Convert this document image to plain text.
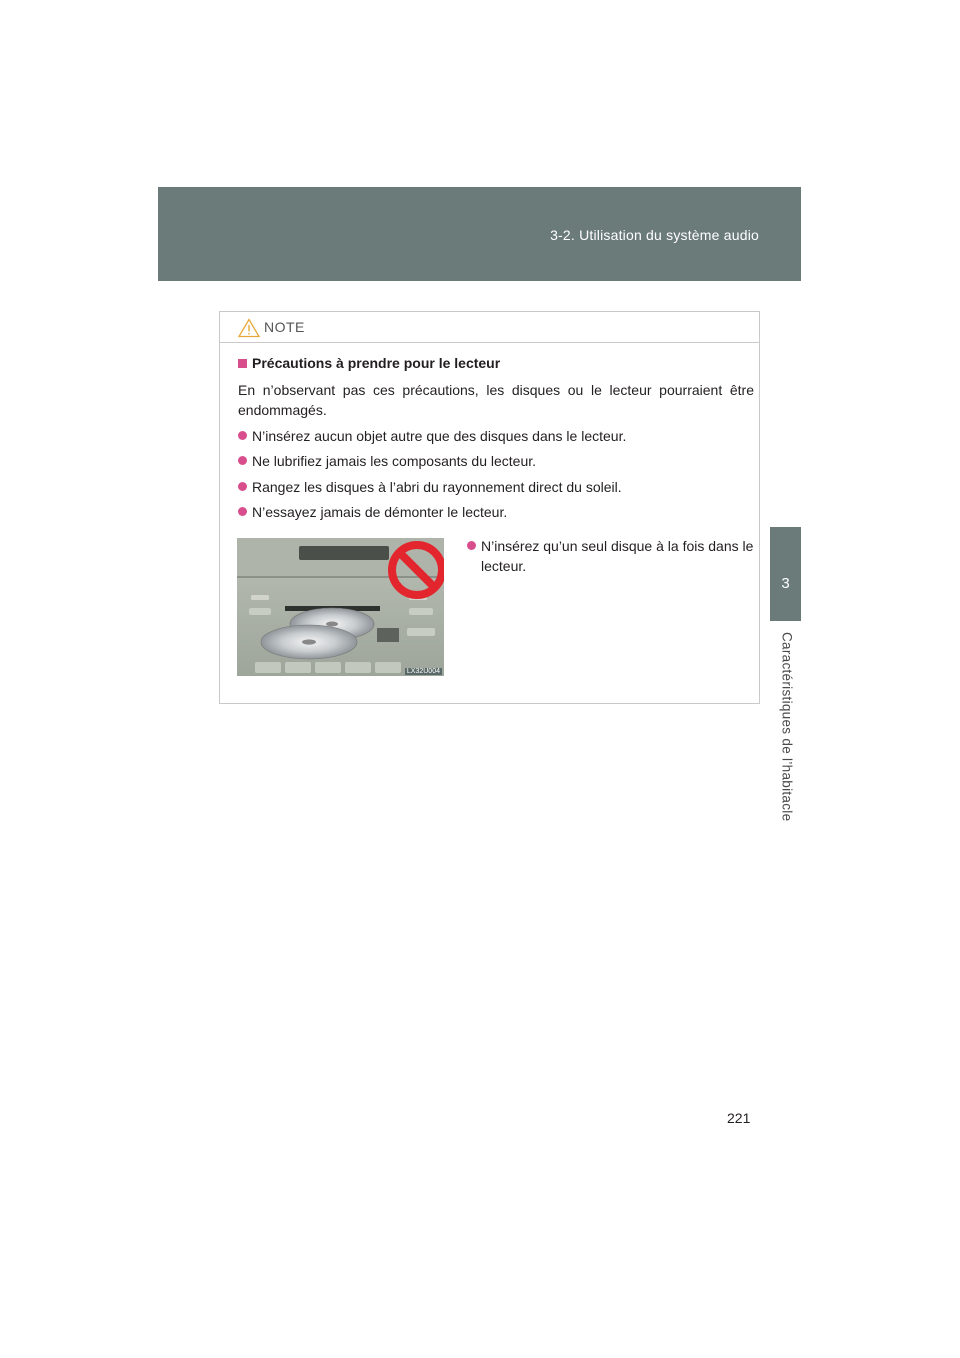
3-2. Utilisation du système audio
3
Caractéristiques de l’habitacle
NOTE
Précautions à prendre pour le lecteur
En n’observant pas ces précautions, les disques ou le lecteur pourraient être endommagés.
N’insérez aucun objet autre que des disques dans le lecteur.
Ne lubrifiez jamais les composants du lecteur.
Rangez les disques à l’abri du rayonnement direct du soleil.
N’essayez jamais de démonter le lecteur.
LX32U004
N’insérez qu’un seul disque à la fois dans le
lecteur.
221
